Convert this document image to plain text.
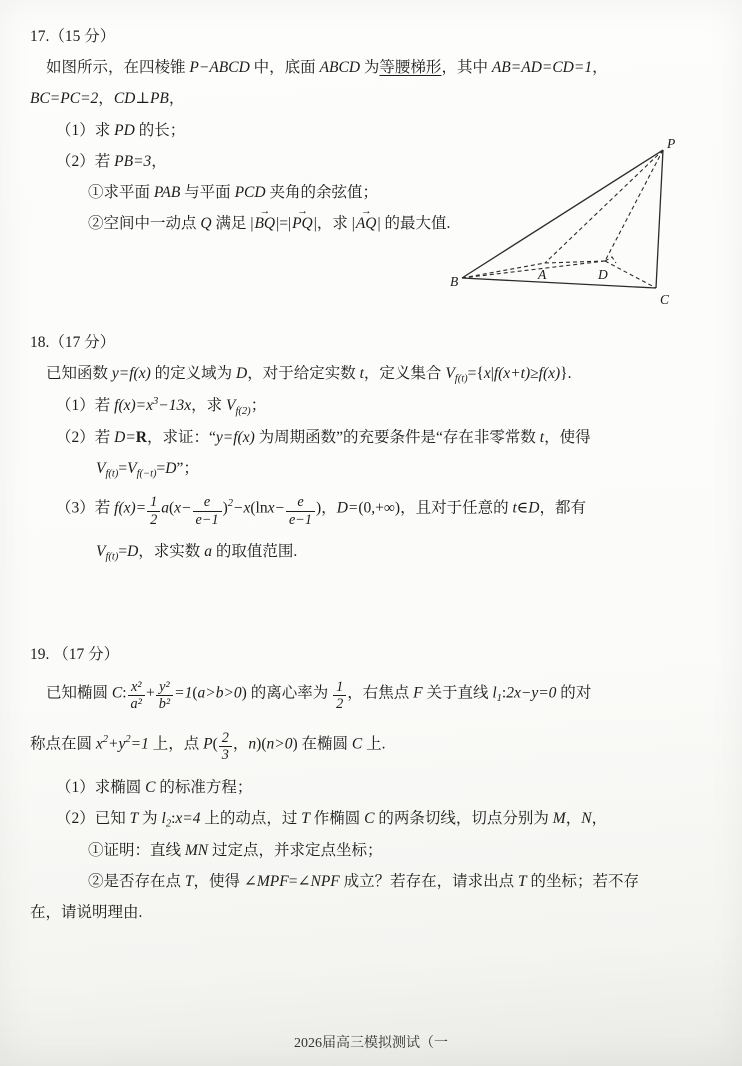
17.（15 分）
如图所示，在四棱锥 P−ABCD 中，底面 ABCD 为等腰梯形，其中 AB=AD=CD=1，
BC=PC=2，CD⊥PB，
（1）求 PD 的长；
（2）若 PB=3，
①求平面 PAB 与平面 PCD 夹角的余弦值；
②空间中一动点 Q 满足 |BQ →|=|PQ →|，求 |AQ →| 的最大值.
P
B	A	D
C
18.（17 分）
已知函数 y=f(x) 的定义域为 D，对于给定实数 t，定义集合 $V_{f(t)}=\{x|f(x+t)\ge f(x)\}$.
（1）若 $f(x)=x^3-13x$，求 $V_{f(2)}$；
（2）若 D=R，求证：“y=f(x) 为周期函数”的充要条件是“存在非零常数 t，使得
$V_{f(t)}=V_{f(-t)}=D$”；
（3）若 $f(x)= \frac{1}{2} a(x- \frac{e}{e-1} )^2-x(\ln x- \frac{e}{e-1}$ )，D=(0,+∞)，且对于任意的 t∈D，都有
$V_{f(t)}=D$，求实数 a 的取值范围.
19. （17 分）
已知椭圆 C: $\frac{\text{x²}}{\text{a²}} + \frac{\text{y²}}{\text{b²}} =1(a>b>0)$ 的离心率为 $\frac{1}{2}$ ，右焦点 F 关于直线 $l_1:2x-y=0$ 的对
称点在圆 $x^2+y^2=1$ 上，点 $P( \frac{2}{3}$ ，n)(n>0) 在椭圆 C 上.
（1）求椭圆 C 的标准方程；
（2）已知 T 为 $l_2:x=4$ 上的动点，过 T 作椭圆 C 的两条切线，切点分别为 M，N，
①证明：直线 MN 过定点，并求定点坐标；
②是否存在点 T，使得 ∠MPF=∠NPF 成立？若存在，请求出点 T 的坐标；若不存
在，请说明理由.
2026届高三模拟测试（一
